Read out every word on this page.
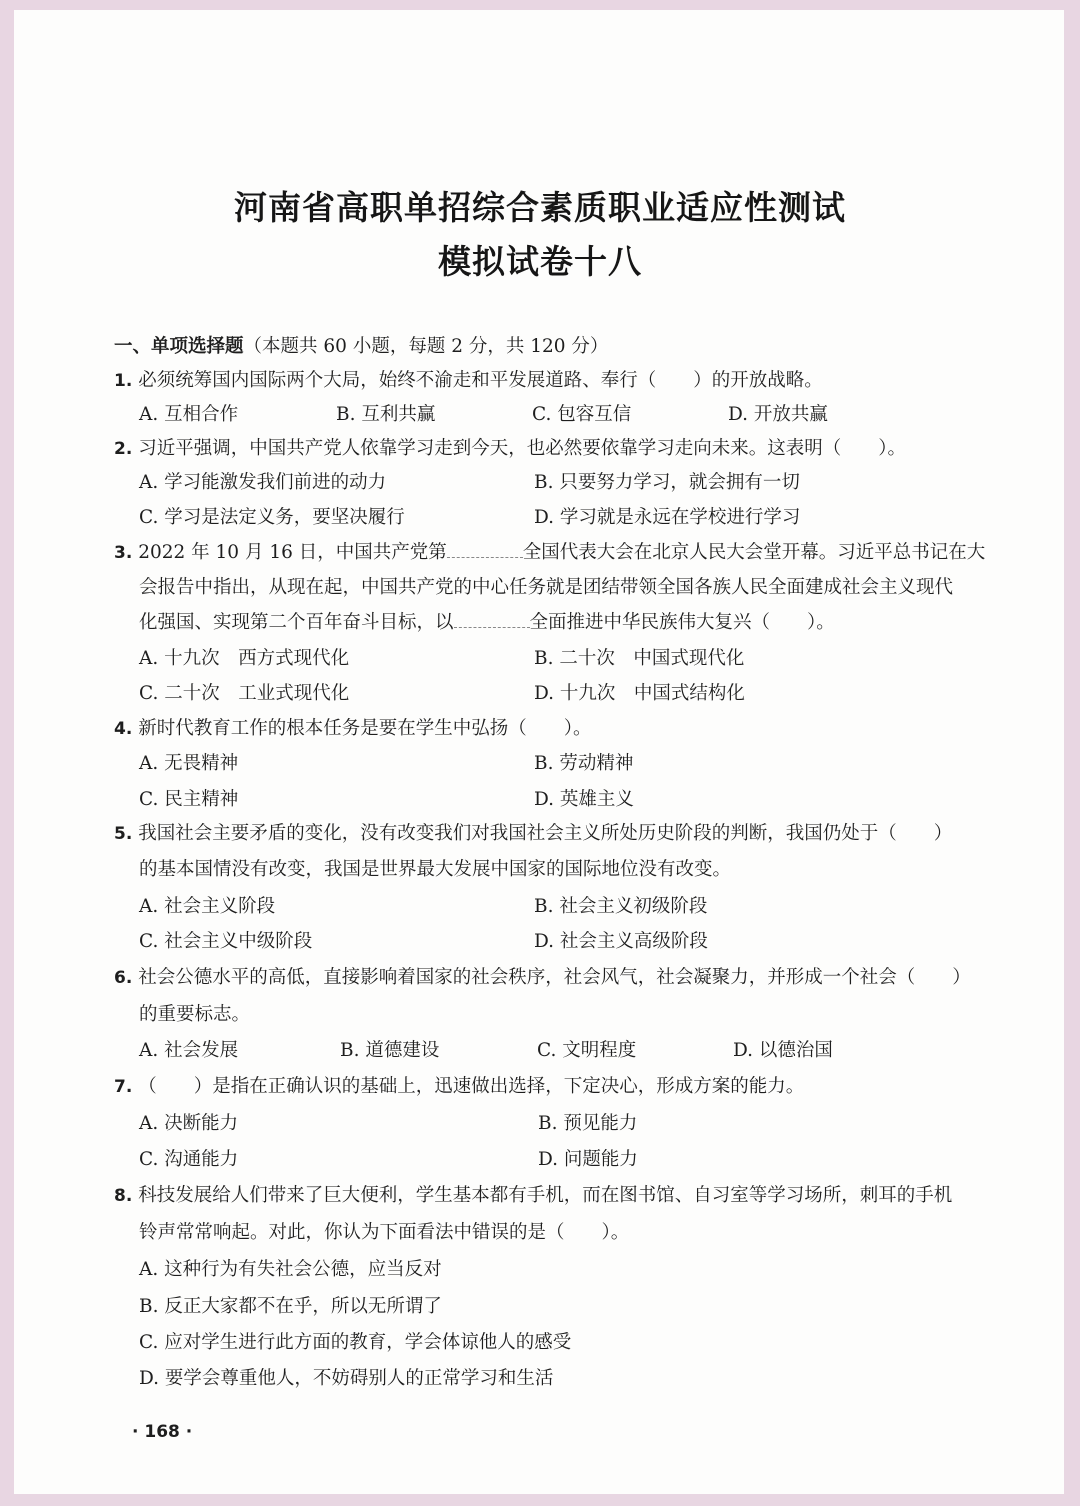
河南省高职单招综合素质职业适应性测试
模拟试卷十八
一、单项选择题（本题共 60 小题，每题 2 分，共 120 分）
1. 必须统筹国内国际两个大局，始终不渝走和平发展道路、奉行（　　）的开放战略。
A. 互相合作	B. 互利共赢	C. 包容互信	D. 开放共赢
2. 习近平强调，中国共产党人依靠学习走到今天，也必然要依靠学习走向未来。这表明（　　）。
A. 学习能激发我们前进的动力	B. 只要努力学习，就会拥有一切
C. 学习是法定义务，要坚决履行	D. 学习就是永远在学校进行学习
3. 2022 年 10 月 16 日，中国共产党第	全国代表大会在北京人民大会堂开幕。习近平总书记在大
会报告中指出，从现在起，中国共产党的中心任务就是团结带领全国各族人民全面建成社会主义现代
化强国、实现第二个百年奋斗目标，以	全面推进中华民族伟大复兴（　　）。
A. 十九次　西方式现代化	B. 二十次　中国式现代化
C. 二十次　工业式现代化	D. 十九次　中国式结构化
4. 新时代教育工作的根本任务是要在学生中弘扬（　　）。
A. 无畏精神	B. 劳动精神
C. 民主精神	D. 英雄主义
5. 我国社会主要矛盾的变化，没有改变我们对我国社会主义所处历史阶段的判断，我国仍处于（　　）
的基本国情没有改变，我国是世界最大发展中国家的国际地位没有改变。
A. 社会主义阶段	B. 社会主义初级阶段
C. 社会主义中级阶段	D. 社会主义高级阶段
6. 社会公德水平的高低，直接影响着国家的社会秩序，社会风气，社会凝聚力，并形成一个社会（　　）
的重要标志。
A. 社会发展	B. 道德建设	C. 文明程度	D. 以德治国
7. （　　）是指在正确认识的基础上，迅速做出选择，下定决心，形成方案的能力。
A. 决断能力	B. 预见能力
C. 沟通能力	D. 问题能力
8. 科技发展给人们带来了巨大便利，学生基本都有手机，而在图书馆、自习室等学习场所，刺耳的手机
铃声常常响起。对此，你认为下面看法中错误的是（　　）。
A. 这种行为有失社会公德，应当反对
B. 反正大家都不在乎，所以无所谓了
C. 应对学生进行此方面的教育，学会体谅他人的感受
D. 要学会尊重他人，不妨碍别人的正常学习和生活
· 168 ·
